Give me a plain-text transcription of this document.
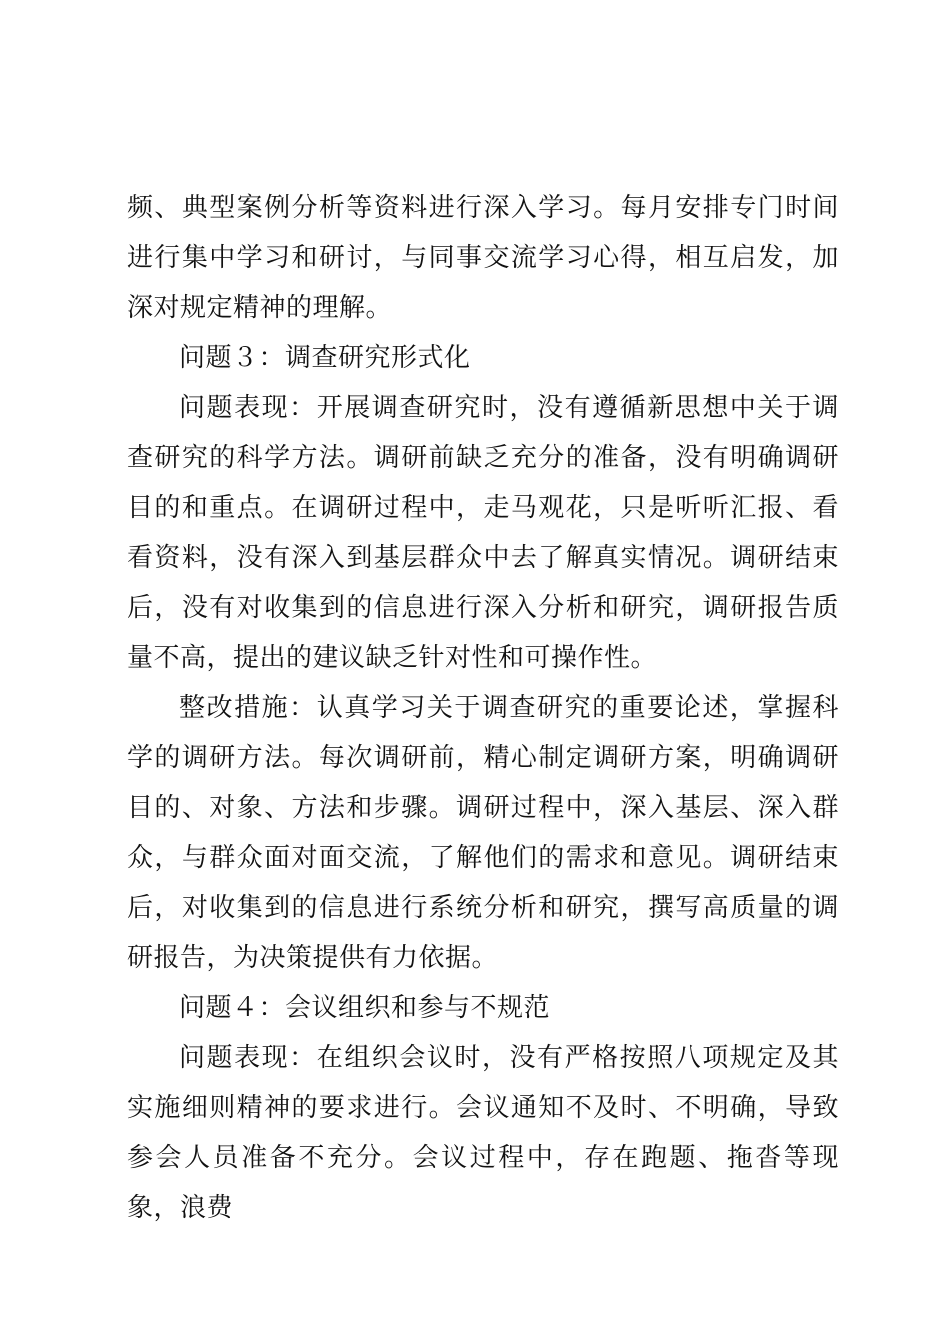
频、典型案例分析等资料进行深入学习。每月安排专门时间进行集中学习和研讨，与同事交流学习心得，相互启发，加深对规定精神的理解。

问题３：调查研究形式化

问题表现：开展调查研究时，没有遵循新思想中关于调查研究的科学方法。调研前缺乏充分的准备，没有明确调研目的和重点。在调研过程中，走马观花，只是听听汇报、看看资料，没有深入到基层群众中去了解真实情况。调研结束后，没有对收集到的信息进行深入分析和研究，调研报告质量不高，提出的建议缺乏针对性和可操作性。

整改措施：认真学习关于调查研究的重要论述，掌握科学的调研方法。每次调研前，精心制定调研方案，明确调研目的、对象、方法和步骤。调研过程中，深入基层、深入群众，与群众面对面交流，了解他们的需求和意见。调研结束后，对收集到的信息进行系统分析和研究，撰写高质量的调研报告，为决策提供有力依据。

问题４：会议组织和参与不规范

问题表现：在组织会议时，没有严格按照八项规定及其实施细则精神的要求进行。会议通知不及时、不明确，导致参会人员准备不充分。会议过程中，存在跑题、拖沓等现象，浪费
